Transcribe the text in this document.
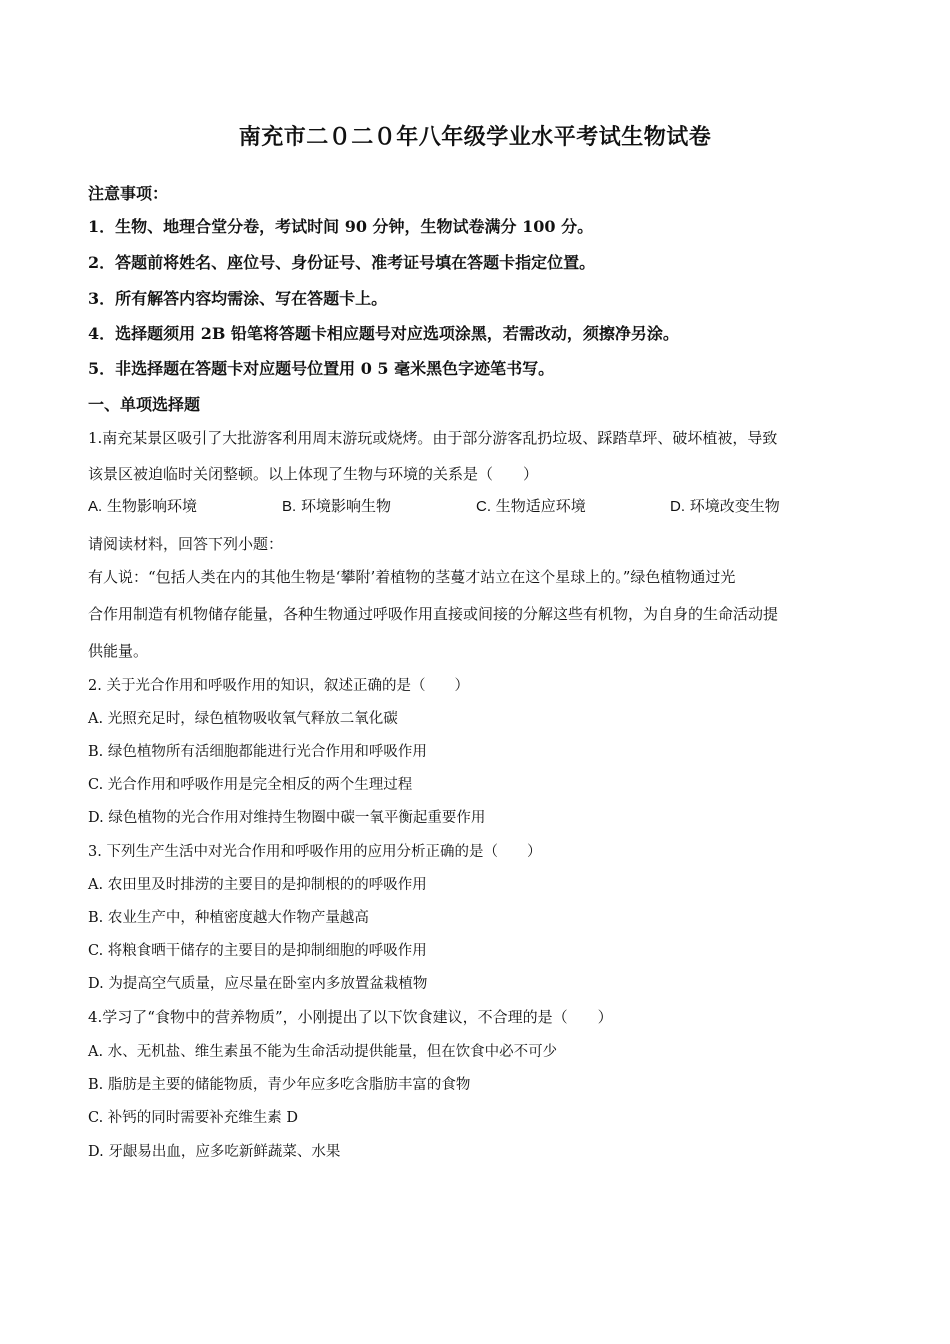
南充市二０二０年八年级学业水平考试生物试卷
注意事项：
1．生物、地理合堂分卷，考试时间 90 分钟，生物试卷满分 100 分。
2．答题前将姓名、座位号、身份证号、准考证号填在答题卡指定位置。
3．所有解答内容均需涂、写在答题卡上。
4．选择题须用 2B 铅笔将答题卡相应题号对应选项涂黑，若需改动，须擦净另涂。
5．非选择题在答题卡对应题号位置用 0 5 毫米黑色字迹笔书写。
一、单项选择题
1.南充某景区吸引了大批游客利用周末游玩或烧烤。由于部分游客乱扔垃圾、踩踏草坪、破坏植被，导致
该景区被迫临时关闭整顿。以上体现了生物与环境的关系是（　　）
A. 生物影响环境	B. 环境影响生物	C. 生物适应环境	D. 环境改变生物
请阅读材料，回答下列小题：
有人说：“包括人类在内的其他生物是‘攀附’着植物的茎蔓才站立在这个星球上的。”绿色植物通过光
合作用制造有机物储存能量，各种生物通过呼吸作用直接或间接的分解这些有机物，为自身的生命活动提
供能量。
2. 关于光合作用和呼吸作用的知识，叙述正确的是（　　）
A. 光照充足时，绿色植物吸收氧气释放二氧化碳
B. 绿色植物所有活细胞都能进行光合作用和呼吸作用
C. 光合作用和呼吸作用是完全相反的两个生理过程
D. 绿色植物的光合作用对维持生物圈中碳一氧平衡起重要作用
3. 下列生产生活中对光合作用和呼吸作用的应用分析正确的是（　　）
A. 农田里及时排涝的主要目的是抑制根的的呼吸作用
B. 农业生产中，种植密度越大作物产量越高
C. 将粮食晒干储存的主要目的是抑制细胞的呼吸作用
D. 为提高空气质量，应尽量在卧室内多放置盆栽植物
4.学习了“食物中的营养物质”，小刚提出了以下饮食建议，不合理的是（　　）
A. 水、无机盐、维生素虽不能为生命活动提供能量，但在饮食中必不可少
B. 脂肪是主要的储能物质，青少年应多吃含脂肪丰富的食物
C. 补钙的同时需要补充维生素 D
D. 牙龈易出血，应多吃新鲜蔬菜、水果
